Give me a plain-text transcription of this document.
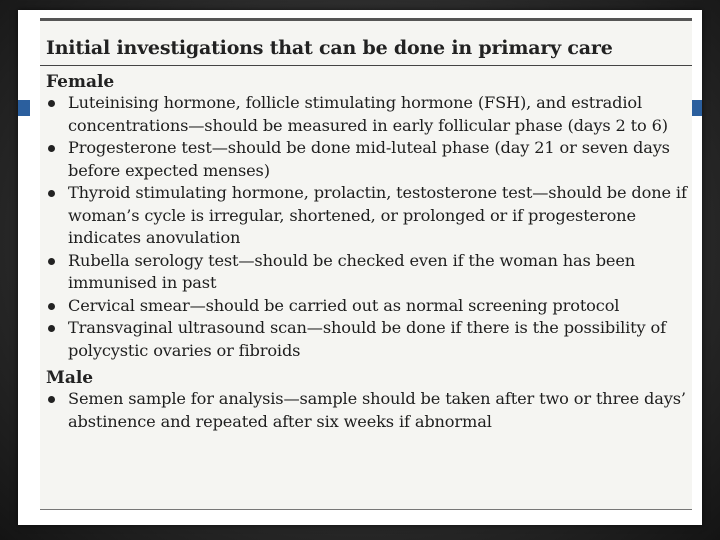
Initial investigations that can be done in primary care
Female
Luteinising hormone, follicle stimulating hormone (FSH), and estradiol concentrations—should be measured in early follicular phase (days 2 to 6)
Progesterone test—should be done mid-luteal phase (day 21 or seven days before expected menses)
Thyroid stimulating hormone, prolactin, testosterone test—should be done if woman’s cycle is irregular, shortened, or prolonged or if progesterone indicates anovulation
Rubella serology test—should be checked even if the woman has been immunised in past
Cervical smear—should be carried out as normal screening protocol
Transvaginal ultrasound scan—should be done if there is the possibility of polycystic ovaries or fibroids
Male
Semen sample for analysis—sample should be taken after two or three days’ abstinence and repeated after six weeks if abnormal
